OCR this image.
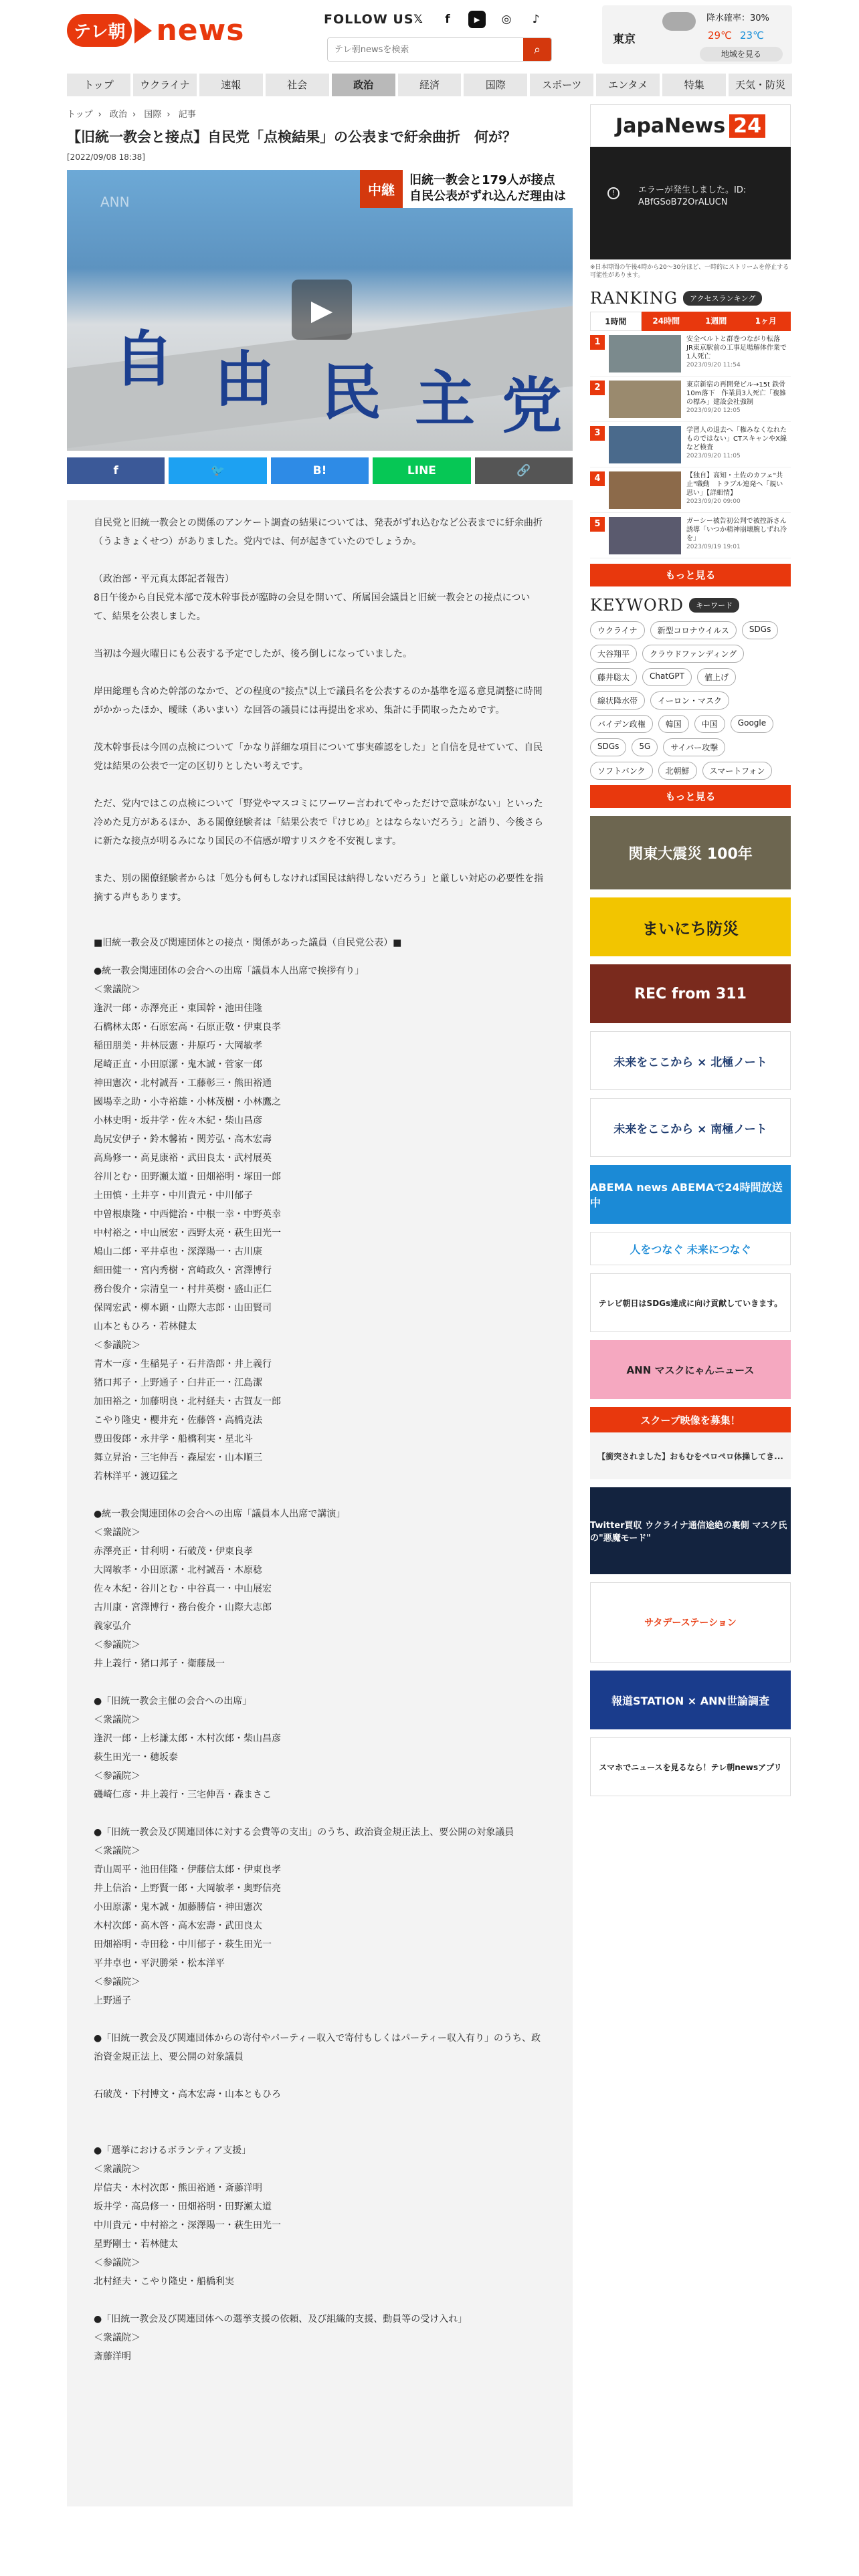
テレ朝 news	FOLLOW US 𝕏	f	▶	◎	♪
テレ朝newsを検索
⌕
東京
降水確率：30%
29℃ 23℃
地域を見る
トップ	ウクライナ	速報	社会	政治	経済	国際	スポーツ	エンタメ	特集	天気・防災
トップ › 政治 › 国際 › 記事
【旧統一教会と接点】自民党「点検結果」の公表まで紆余曲折　何が？
[2022/09/08 18:38]
自 由 民 主 党
ANN
中継
旧統一教会と179人が接点
自民公表がずれ込んだ理由は
▶
f	🐦	B!	LINE	🔗

自民党と旧統一教会との関係のアンケート調査の結果については、発表がずれ込むなど公表までに紆余曲折（うよきょくせつ）がありました。党内では、何が起きていたのでしょうか。

（政治部・平元真太郎記者報告）
8日午後から自民党本部で茂木幹事長が臨時の会見を開いて、所属国会議員と旧統一教会との接点について、結果を公表しました。

当初は今週火曜日にも公表する予定でしたが、後ろ倒しになっていました。

岸田総理も含めた幹部のなかで、どの程度の"接点"以上で議員名を公表するのか基準を巡る意見調整に時間がかかったほか、曖昧（あいまい）な回答の議員には再提出を求め、集計に手間取ったためです。

茂木幹事長は今回の点検について「かなり詳細な項目について事実確認をした」と自信を見せていて、自民党は結果の公表で一定の区切りとしたい考えです。

ただ、党内ではこの点検について「野党やマスコミにワーワー言われてやっただけで意味がない」といった冷めた見方があるほか、ある閣僚経験者は「結果公表で『けじめ』とはならないだろう」と語り、今後さらに新たな接点が明るみになり国民の不信感が増すリスクを不安視します。

また、別の閣僚経験者からは「処分も何もしなければ国民は納得しないだろう」と厳しい対応の必要性を指摘する声もあります。

■旧統一教会及び関連団体との接点・関係があった議員（自民党公表）■

●統一教会関連団体の会合への出席「議員本人出席で挨拶有り」
＜衆議院＞
逢沢一郎・赤澤亮正・東国幹・池田佳隆
石橋林太郎・石原宏高・石原正敬・伊東良孝
稲田朋美・井林辰憲・井原巧・大岡敏孝
尾崎正直・小田原潔・鬼木誠・菅家一郎
神田憲次・北村誠吾・工藤彰三・熊田裕通
國場幸之助・小寺裕雄・小林茂樹・小林鷹之
小林史明・坂井学・佐々木紀・柴山昌彦
島尻安伊子・鈴木馨祐・関芳弘・高木宏壽
高鳥修一・高見康裕・武田良太・武村展英
谷川とむ・田野瀬太道・田畑裕明・塚田一郎
土田慎・土井亨・中川貴元・中川郁子
中曽根康隆・中西健治・中根一幸・中野英幸
中村裕之・中山展宏・西野太亮・萩生田光一
鳩山二郎・平井卓也・深澤陽一・古川康
細田健一・宮内秀樹・宮崎政久・宮澤博行
務台俊介・宗清皇一・村井英樹・盛山正仁
保岡宏武・柳本顕・山際大志郎・山田賢司
山本ともひろ・若林健太
＜参議院＞
青木一彦・生稲晃子・石井浩郎・井上義行
猪口邦子・上野通子・臼井正一・江島潔
加田裕之・加藤明良・北村経夫・古賀友一郎
こやり隆史・櫻井充・佐藤啓・高橋克法
豊田俊郎・永井学・船橋利実・星北斗
舞立昇治・三宅伸吾・森屋宏・山本順三
若林洋平・渡辺猛之
●統一教会関連団体の会合への出席「議員本人出席で講演」
＜衆議院＞
赤澤亮正・甘利明・石破茂・伊東良孝
大岡敏孝・小田原潔・北村誠吾・木原稔
佐々木紀・谷川とむ・中谷真一・中山展宏
古川康・宮澤博行・務台俊介・山際大志郎
義家弘介
＜参議院＞
井上義行・猪口邦子・衛藤晟一
●「旧統一教会主催の会合への出席」
＜衆議院＞
逢沢一郎・上杉謙太郎・木村次郎・柴山昌彦
萩生田光一・穂坂泰
＜参議院＞
磯崎仁彦・井上義行・三宅伸吾・森まさこ
●「旧統一教会及び関連団体に対する会費等の支出」のうち、政治資金規正法上、要公開の対象議員
＜衆議院＞
青山周平・池田佳隆・伊藤信太郎・伊東良孝
井上信治・上野賢一郎・大岡敏孝・奥野信亮
小田原潔・鬼木誠・加藤勝信・神田憲次
木村次郎・高木啓・高木宏壽・武田良太
田畑裕明・寺田稔・中川郁子・萩生田光一
平井卓也・平沢勝栄・松本洋平
＜参議院＞
上野通子
●「旧統一教会及び関連団体からの寄付やパーティー収入で寄付もしくはパーティー収入有り」のうち、政治資金規正法上、要公開の対象議員
石破茂・下村博文・高木宏壽・山本ともひろ
●「選挙におけるボランティア支援」
＜衆議院＞
岸信夫・木村次郎・熊田裕通・斎藤洋明
坂井学・高鳥修一・田畑裕明・田野瀬太道
中川貴元・中村裕之・深澤陽一・萩生田光一
星野剛士・若林健太
＜参議院＞
北村経夫・こやり隆史・船橋利実
●「旧統一教会及び関連団体への選挙支援の依頼、及び組織的支援、動員等の受け入れ」
＜衆議院＞
斎藤洋明
JapaNews 24
!	エラーが発生しました。ID: ABfGSoB72OrALUCN
※日本時間の午後4時から20～30分ほど、一時的にストリームを停止する可能性があります。
RANKING	アクセスランキング
1時間	24時間	1週間	1ヶ月
1	安全ベルトと群巻つながり転落　JR東京駅前の工事足場解体作業で1人死亡
2023/09/20 11:54
2	東京新宿の再開発ビル→15t 鉄骨10m落下　作業員3人死亡「複雑の標み」建設会社強制
2023/09/20 12:05
3	学習人の退去へ「権みなくなれたものではない」CTスキャンやX線など検査
2023/09/20 11:05
4	【独自】高知・土佐のカフェ"共止"職動　トラブル連発へ「親い思い」【詳細情】
2023/09/20 09:00
5	ガーシー被告初公判で被控訴さん誘導「いつか精神崩壊腕しずれ冷を」
2023/09/19 19:01
もっと見る
KEYWORD	キーワード
ウクライナ	新型コロナウイルス	SDGs
大谷翔平	クラウドファンディング
藤井聡太	ChatGPT	値上げ
線状降水帯	イーロン・マスク
バイデン政権	韓国	中国	Google
SDGs	5G	サイバー攻撃
ソフトバンク	北朝鮮	スマートフォン
もっと見る
関東大震災 100年
まいにち防災
REC from 311
未来をここから × 北極ノート
未来をここから × 南極ノート
ABEMA news ABEMAで24時間放送中
人をつなぐ 未来につなぐ
テレビ朝日はSDGs達成に向け貢献していきます。
ANN マスクにゃんニュース
スクープ映像を募集！
【衝突されました】おもむをペロペロ体操してき...
Twitter買収 ウクライナ通信途絶の裏側 マスク氏の"悪魔モード"
サタデーステーション
報道STATION × ANN世論調査
スマホでニュースを見るなら！テレ朝newsアプリ
